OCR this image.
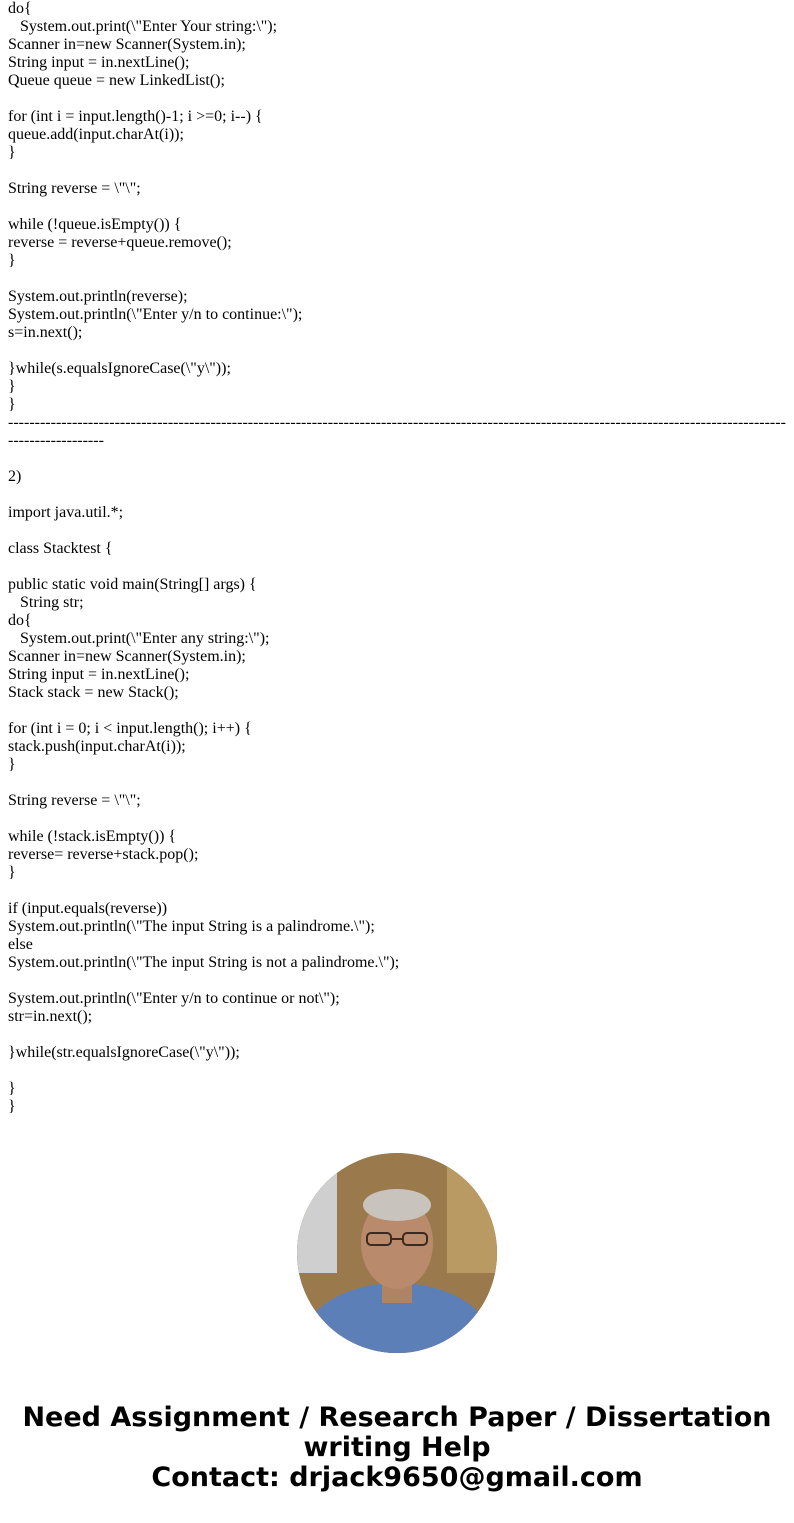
do{
System.out.print(\"Enter Your string:\");
Scanner in=new Scanner(System.in);
String input = in.nextLine();
Queue queue = new LinkedList();
for (int i = input.length()-1; i >=0; i--) {
queue.add(input.charAt(i));
}
String reverse = \"\";
while (!queue.isEmpty()) {
reverse = reverse+queue.remove();
}
System.out.println(reverse);
System.out.println(\"Enter y/n to continue:\");
s=in.next();
}while(s.equalsIgnoreCase(\"y\"));
}
}
--------------------------------------------------------------------------------------------------------------------------------------------------------------------
2)
import java.util.*;
class Stacktest {
public static void main(String[] args) {
String str;
do{
System.out.print(\"Enter any string:\");
Scanner in=new Scanner(System.in);
String input = in.nextLine();
Stack stack = new Stack();
for (int i = 0; i < input.length(); i++) {
stack.push(input.charAt(i));
}
String reverse = \"\";
while (!stack.isEmpty()) {
reverse= reverse+stack.pop();
}
if (input.equals(reverse))
System.out.println(\"The input String is a palindrome.\");
else
System.out.println(\"The input String is not a palindrome.\");
System.out.println(\"Enter y/n to continue or not\");
str=in.next();
}while(str.equalsIgnoreCase(\"y\"));
}
}
Need Assignment / Research Paper / Dissertation
writing Help
Contact: drjack9650@gmail.com
